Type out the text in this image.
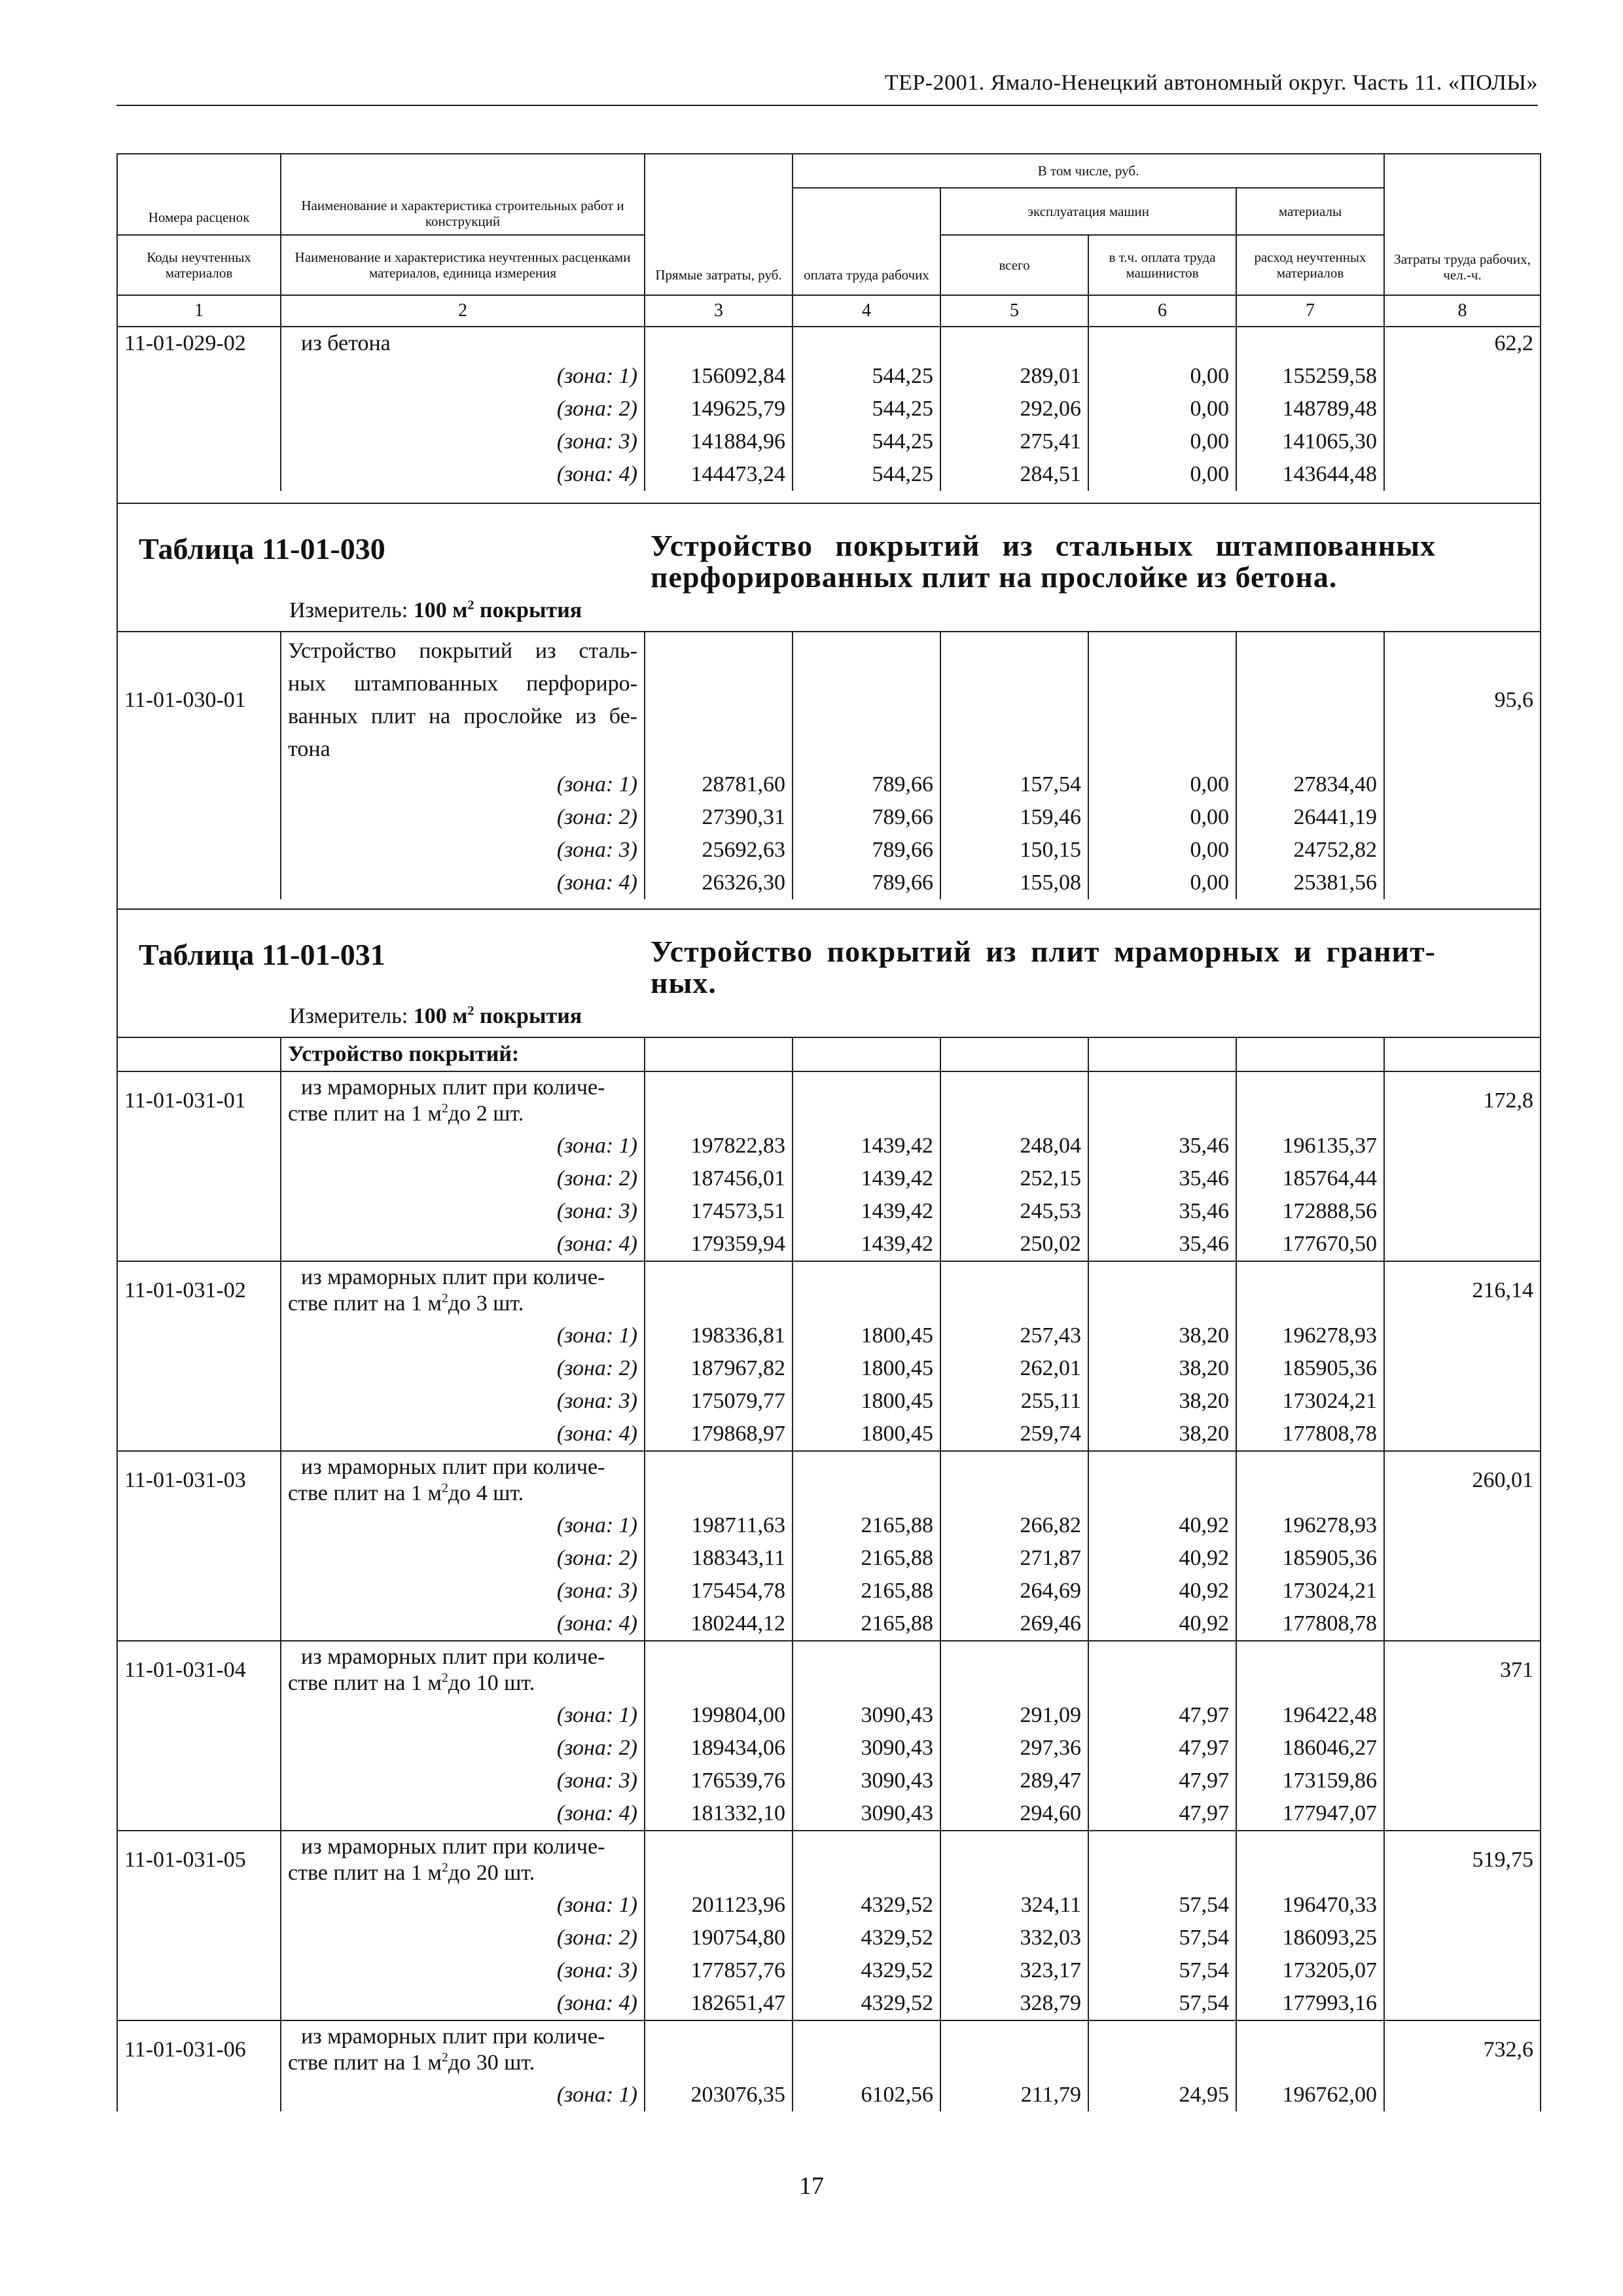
ТЕР-2001. Ямало-Ненецкий автономный округ. Часть 11. «ПОЛЫ»
Номера расценок	Наименование и характеристика строительных работ и конструкций	Прямые затраты, руб.	В том числе, руб.				Затраты труда рабочих, чел.-ч.
			оплата труда рабочих	эксплуатация машин		материалы	
Коды неучтенных материалов	Наименование и характеристика неучтенных расценками материалов, единица измерения			всего	в т.ч. оплата труда машинистов	расход неучтенных материалов	

1	2	3	4	5	6	7	8
11-01-029-02	из бетона						62,2
	(зона: 1)	156092,84	544,25	289,01	0,00	155259,58	
	(зона: 2)	149625,79	544,25	292,06	0,00	148789,48	
	(зона: 3)	141884,96	544,25	275,41	0,00	141065,30	
	(зона: 4)	144473,24	544,25	284,51	0,00	143644,48	

Таблица 11-01-030 Устройство покрытий из стальных штампованных перфорированных плит на прослойке из бетона.
Измеритель: 100 $м^2$ покрытия							

11-01-030-01	Устройство покрытий из сталь-
ных штампованных перфориро-
ванных плит на прослойке из бе-
тона						95,6
	(зона: 1)	28781,60	789,66	157,54	0,00	27834,40	
	(зона: 2)	27390,31	789,66	159,46	0,00	26441,19	
	(зона: 3)	25692,63	789,66	150,15	0,00	24752,82	
	(зона: 4)	26326,30	789,66	155,08	0,00	25381,56	

Таблица 11-01-031 Устройство покрытий из плит мраморных и гранит-ных.
Измеритель: 100 $м^2$ покрытия							

	Устройство покрытий:						
11-01-031-01	из мраморных плит при количе-
стве плит на 1 $м^2до$ 2 шт.						172,8
	(зона: 1)	197822,83	1439,42	248,04	35,46	196135,37	
	(зона: 2)	187456,01	1439,42	252,15	35,46	185764,44	
	(зона: 3)	174573,51	1439,42	245,53	35,46	172888,56	
	(зона: 4)	179359,94	1439,42	250,02	35,46	177670,50	
11-01-031-02	из мраморных плит при количе-
стве плит на 1 $м^2до$ 3 шт.						216,14
	(зона: 1)	198336,81	1800,45	257,43	38,20	196278,93	
	(зона: 2)	187967,82	1800,45	262,01	38,20	185905,36	
	(зона: 3)	175079,77	1800,45	255,11	38,20	173024,21	
	(зона: 4)	179868,97	1800,45	259,74	38,20	177808,78	
11-01-031-03	из мраморных плит при количе-
стве плит на 1 $м^2до$ 4 шт.						260,01
	(зона: 1)	198711,63	2165,88	266,82	40,92	196278,93	
	(зона: 2)	188343,11	2165,88	271,87	40,92	185905,36	
	(зона: 3)	175454,78	2165,88	264,69	40,92	173024,21	
	(зона: 4)	180244,12	2165,88	269,46	40,92	177808,78	
11-01-031-04	из мраморных плит при количе-
стве плит на 1 $м^2до$ 10 шт.						371
	(зона: 1)	199804,00	3090,43	291,09	47,97	196422,48	
	(зона: 2)	189434,06	3090,43	297,36	47,97	186046,27	
	(зона: 3)	176539,76	3090,43	289,47	47,97	173159,86	
	(зона: 4)	181332,10	3090,43	294,60	47,97	177947,07	
11-01-031-05	из мраморных плит при количе-
стве плит на 1 $м^2до$ 20 шт.						519,75
	(зона: 1)	201123,96	4329,52	324,11	57,54	196470,33	
	(зона: 2)	190754,80	4329,52	332,03	57,54	186093,25	
	(зона: 3)	177857,76	4329,52	323,17	57,54	173205,07	
	(зона: 4)	182651,47	4329,52	328,79	57,54	177993,16	
11-01-031-06	из мраморных плит при количе-
стве плит на 1 $м^2до$ 30 шт.						732,6
	(зона: 1)	203076,35	6102,56	211,79	24,95	196762,00	
17
